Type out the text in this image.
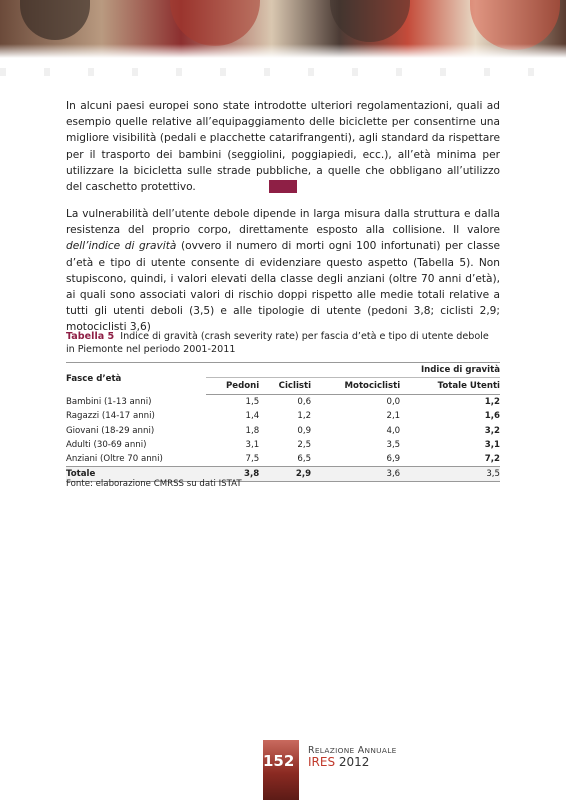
In alcuni paesi europei sono state introdotte ulteriori regolamentazioni, quali ad esempio quelle relative all’equipaggiamento delle biciclette per consentirne una migliore visibilità (pedali e placchette catarifrangenti), agli standard da rispettare per il trasporto dei bambini (seggiolini, poggiapiedi, ecc.), all’età minima per utilizzare la bicicletta sulle strade pubbliche, a quelle che obbligano all’utilizzo del caschetto protettivo.

La vulnerabilità dell’utente debole dipende in larga misura dalla struttura e dalla resistenza del proprio corpo, direttamente esposto alla collisione. Il valore dell’indice di gravità (ovvero il numero di morti ogni 100 infortunati) per classe d’età e tipo di utente consente di evidenziare questo aspetto (Tabella 5). Non stupiscono, quindi, i valori elevati della classe degli anziani (oltre 70 anni d’età), ai quali sono associati valori di rischio doppi rispetto alle medie totali relative a tutti gli utenti deboli (3,5) e alle tipologie di utente (pedoni 3,8; ciclisti 2,9; motociclisti 3,6)

Tabella 5 Indice di gravità (crash severity rate) per fascia d’età e tipo di utente debole in Piemonte nel periodo 2001-2011
Fasce d’età	Indice di gravità			
	Pedoni	Ciclisti	Motociclisti	Totale Utenti
Bambini (1-13 anni)	1,5	0,6	0,0	1,2
Ragazzi (14-17 anni)	1,4	1,2	2,1	1,6
Giovani (18-29 anni)	1,8	0,9	4,0	3,2
Adulti (30-69 anni)	3,1	2,5	3,5	3,1
Anziani (Oltre 70 anni)	7,5	6,5	6,9	7,2
Totale	3,8	2,9	3,6	3,5
Fonte: elaborazione CMRSS su dati ISTAT
152
RELAZIONE ANNUALE
IRES 2012
